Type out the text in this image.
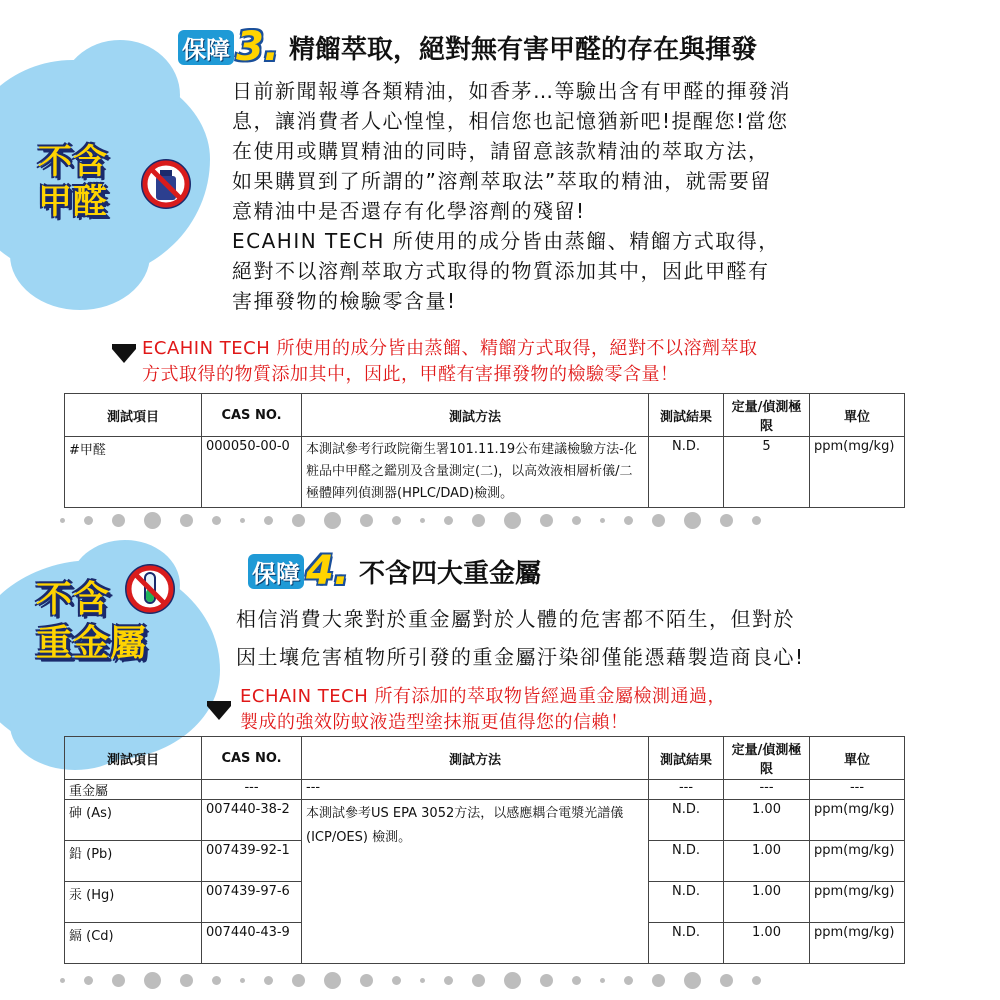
不含
甲醛
保障 3. 精餾萃取，絕對無有害甲醛的存在與揮發

日前新聞報導各類精油，如香茅…等驗出含有甲醛的揮發消

息，讓消費者人心惶惶，相信您也記憶猶新吧!提醒您!當您

在使用或購買精油的同時，請留意該款精油的萃取方法，

如果購買到了所謂的”溶劑萃取法”萃取的精油，就需要留

意精油中是否還存有化學溶劑的殘留!

ECAHIN TECH 所使用的成分皆由蒸餾、精餾方式取得，

絕對不以溶劑萃取方式取得的物質添加其中，因此甲醛有

害揮發物的檢驗零含量!

ECAHIN TECH 所使用的成分皆由蒸餾、精餾方式取得，絕對不以溶劑萃取

方式取得的物質添加其中，因此，甲醛有害揮發物的檢驗零含量！

測試項目	CAS NO.	測試方法	測試結果	定量/偵測極限	單位
#甲醛	000050-00-0	本測試參考行政院衛生署101.11.19公布建議檢驗方法-化粧品中甲醛之鑑別及含量測定(二)，以高效液相層析儀/二極體陣列偵測器(HPLC/DAD)檢測。	N.D.	5	ppm(mg/kg)
不含
重金屬
保障 4. 不含四大重金屬

相信消費大衆對於重金屬對於人體的危害都不陌生，但對於

因土壤危害植物所引發的重金屬汙染卻僅能憑藉製造商良心!

ECHAIN TECH 所有添加的萃取物皆經過重金屬檢測通過，

製成的強效防蚊液造型塗抹瓶更值得您的信賴！

測試項目	CAS NO.	測試方法	測試結果	定量/偵測極限	單位
重金屬	---	---	---	---	---
砷 (As)	007440-38-2	本測試參考US EPA 3052方法，以感應耦合電漿光譜儀(ICP/OES) 檢測。	N.D.	1.00	ppm(mg/kg)
鉛 (Pb)	007439-92-1		N.D.	1.00	ppm(mg/kg)
汞 (Hg)	007439-97-6		N.D.	1.00	ppm(mg/kg)
鎘 (Cd)	007440-43-9		N.D.	1.00	ppm(mg/kg)
